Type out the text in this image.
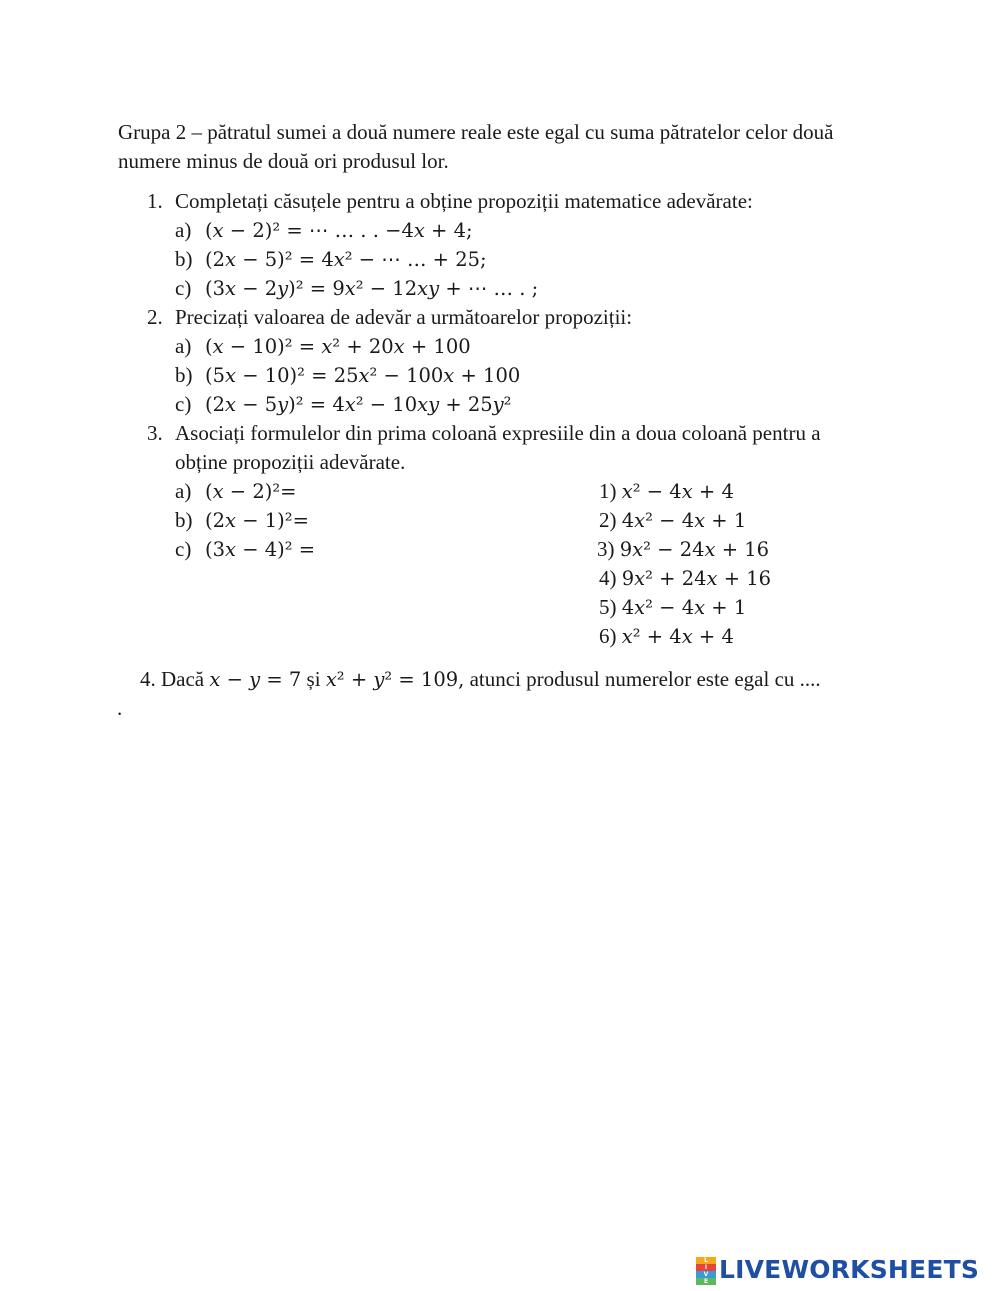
Grupa 2 – pătratul sumei a două numere reale este egal cu suma pătratelor celor două numere minus de două ori produsul lor.
1. Completați căsuțele pentru a obține propoziții matematice adevărate:
a) (𝑥 − 2)² = ⋯ … . . −4𝑥 + 4;
b) (2𝑥 − 5)² = 4𝑥² − ⋯ … + 25;
c) (3𝑥 − 2𝑦)² = 9𝑥² − 12𝑥𝑦 + ⋯ … . ;
2. Precizați valoarea de adevăr a următoarelor propoziții:
a) (𝑥 − 10)² = 𝑥² + 20𝑥 + 100
b) (5𝑥 − 10)² = 25𝑥² − 100𝑥 + 100
c) (2𝑥 − 5𝑦)² = 4𝑥² − 10𝑥𝑦 + 25𝑦²
3. Asociați formulelor din prima coloană expresiile din a doua coloană pentru a
obține propoziții adevărate.
a) (𝑥 − 2)²=
b) (2𝑥 − 1)²=
c) (3𝑥 − 4)² =
1) 𝑥² − 4𝑥 + 4
2) 4𝑥² − 4𝑥 + 1
3) 9𝑥² − 24𝑥 + 16
4) 9𝑥² + 24𝑥 + 16
5) 4𝑥² − 4𝑥 + 1
6) 𝑥² + 4𝑥 + 4
4. Dacă 𝑥 − 𝑦 = 7 și 𝑥² + 𝑦² = 109, atunci produsul numerelor este egal cu ....
.
L
I
V
E LIVEWORKSHEETS
